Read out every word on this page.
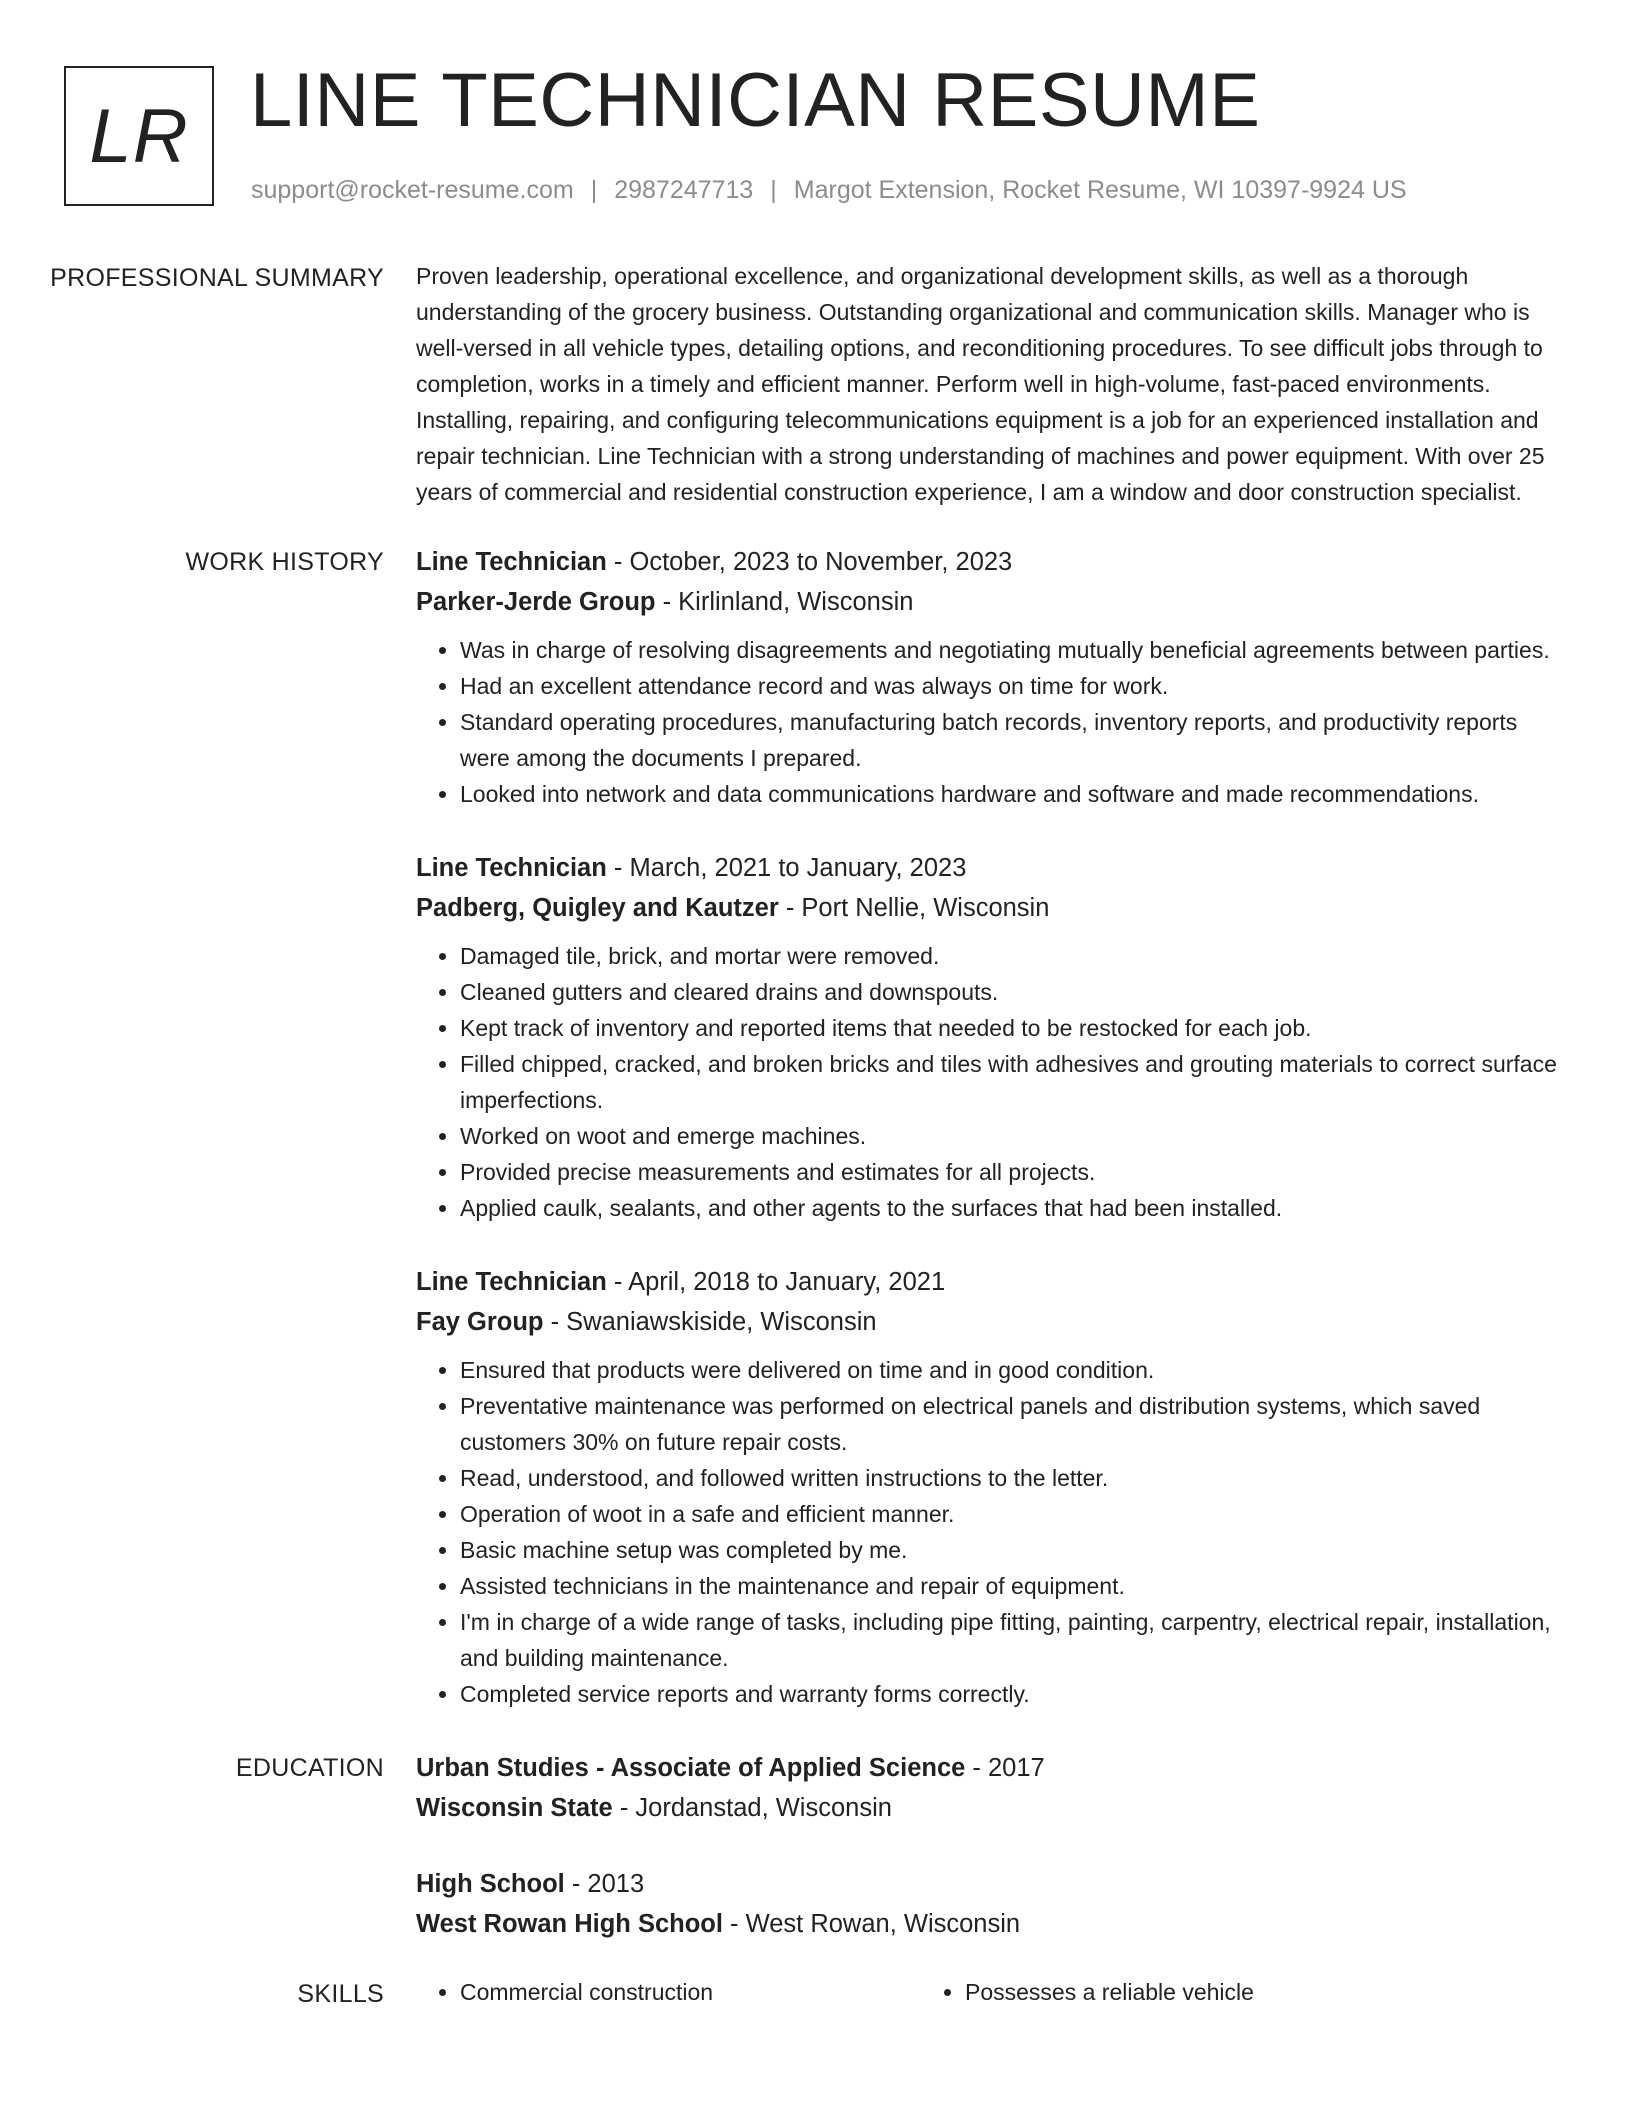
LR LINE TECHNICIAN RESUME
support@rocket-resume.com | 2987247713 | Margot Extension, Rocket Resume, WI 10397-9924 US
PROFESSIONAL SUMMARY	Proven leadership, operational excellence, and organizational development skills, as well as a thorough understanding of the grocery business. Outstanding organizational and communication skills. Manager who is well-versed in all vehicle types, detailing options, and reconditioning procedures. To see difficult jobs through to completion, works in a timely and efficient manner. Perform well in high-volume, fast-paced environments. Installing, repairing, and configuring telecommunications equipment is a job for an experienced installation and repair technician. Line Technician with a strong understanding of machines and power equipment. With over 25 years of commercial and residential construction experience, I am a window and door construction specialist.

WORK HISTORY	Line Technician - October, 2023 to November, 2023
Parker-Jerde Group - Kirlinland, Wisconsin
• Was in charge of resolving disagreements and negotiating mutually beneficial agreements between parties.
• Had an excellent attendance record and was always on time for work.
• Standard operating procedures, manufacturing batch records, inventory reports, and productivity reports were among the documents I prepared.
• Looked into network and data communications hardware and software and made recommendations.
Line Technician - March, 2021 to January, 2023
Padberg, Quigley and Kautzer - Port Nellie, Wisconsin
• Damaged tile, brick, and mortar were removed.
• Cleaned gutters and cleared drains and downspouts.
• Kept track of inventory and reported items that needed to be restocked for each job.
• Filled chipped, cracked, and broken bricks and tiles with adhesives and grouting materials to correct surface imperfections.
• Worked on woot and emerge machines.
• Provided precise measurements and estimates for all projects.
• Applied caulk, sealants, and other agents to the surfaces that had been installed.
Line Technician - April, 2018 to January, 2021
Fay Group - Swaniawskiside, Wisconsin
• Ensured that products were delivered on time and in good condition.
• Preventative maintenance was performed on electrical panels and distribution systems, which saved customers 30% on future repair costs.
• Read, understood, and followed written instructions to the letter.
• Operation of woot in a safe and efficient manner.
• Basic machine setup was completed by me.
• Assisted technicians in the maintenance and repair of equipment.
• I'm in charge of a wide range of tasks, including pipe fitting, painting, carpentry, electrical repair, installation, and building maintenance.
• Completed service reports and warranty forms correctly.
EDUCATION	Urban Studies - Associate of Applied Science - 2017
Wisconsin State - Jordanstad, Wisconsin
High School - 2013
West Rowan High School - West Rowan, Wisconsin
SKILLS	• Commercial construction	• Possesses a reliable vehicle
